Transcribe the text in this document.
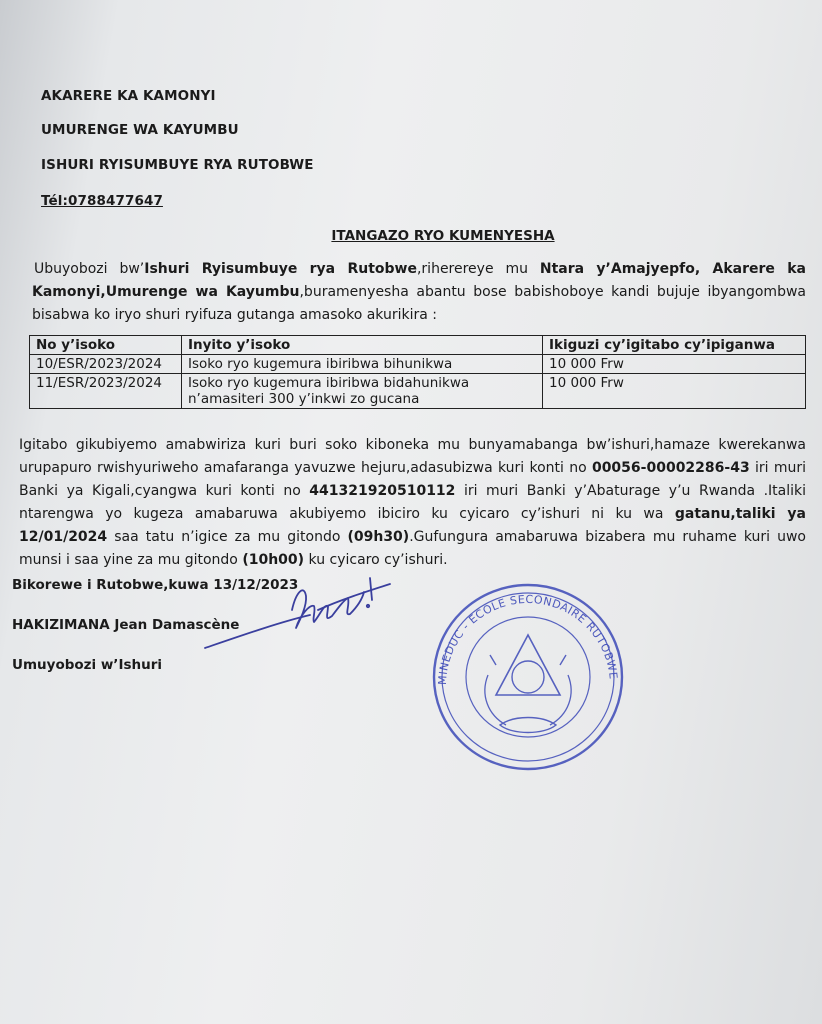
AKARERE KA KAMONYI
UMURENGE WA KAYUMBU
ISHURI RYISUMBUYE RYA RUTOBWE
Tél:0788477647
ITANGAZO RYO KUMENYESHA
Ubuyobozi bw’Ishuri Ryisumbuye rya Rutobwe,riherereye mu Ntara y’Amajyepfo, Akarere ka Kamonyi,Umurenge wa Kayumbu,buramenyesha abantu bose babishoboye kandi bujuje ibyangombwa bisabwa ko iryo shuri ryifuza gutanga amasoko akurikira :
No y’isoko	Inyito y’isoko	Ikiguzi cy’igitabo cy’ipiganwa
10/ESR/2023/2024	Isoko ryo kugemura ibiribwa bihunikwa	10 000 Frw
11/ESR/2023/2024	Isoko ryo kugemura ibiribwa bidahunikwa n’amasiteri 300 y’inkwi zo gucana	10 000 Frw
Igitabo gikubiyemo amabwiriza kuri buri soko kiboneka mu bunyamabanga bw’ishuri,hamaze kwerekanwa urupapuro rwishyuriweho amafaranga yavuzwe hejuru,adasubizwa kuri konti no 00056-00002286-43 iri muri Banki ya Kigali,cyangwa kuri konti no 441321920510112 iri muri Banki y’Abaturage y’u Rwanda .Italiki ntarengwa yo kugeza amabaruwa akubiyemo ibiciro ku cyicaro cy’ishuri ni ku wa gatanu,taliki ya 12/01/2024 saa tatu n’igice za mu gitondo (09h30).Gufungura amabaruwa bizabera mu ruhame kuri uwo munsi i saa yine za mu gitondo (10h00) ku cyicaro cy’ishuri.
Bikorewe i Rutobwe,kuwa 13/12/2023
HAKIZIMANA Jean Damascène
Umuyobozi w’Ishuri
MINEDUC - ECOLE SECONDAIRE RUTOBWE
